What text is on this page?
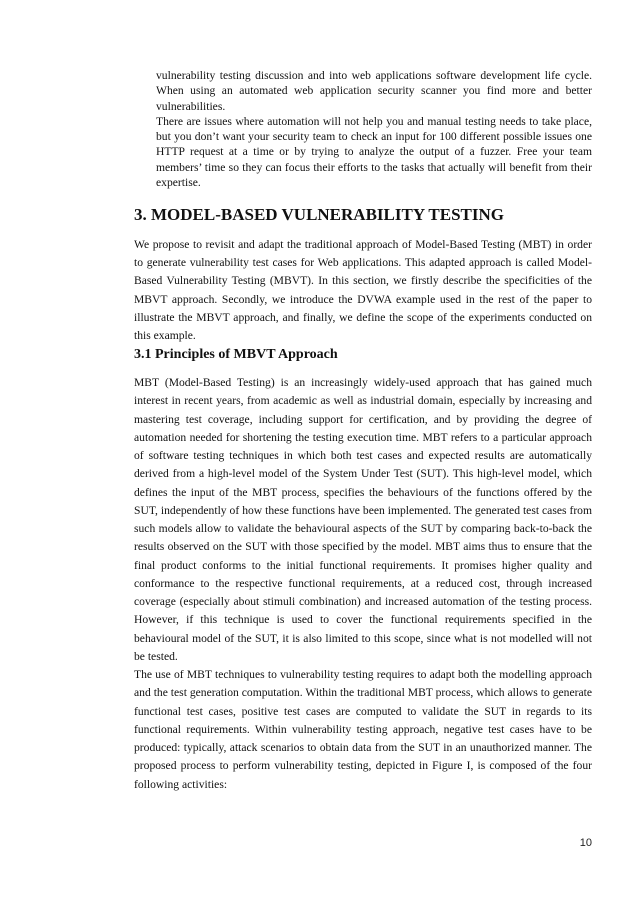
vulnerability testing discussion and into web applications software development life cycle. When using an automated web application security scanner you find more and better vulnerabilities.

There are issues where automation will not help you and manual testing needs to take place, but you don’t want your security team to check an input for 100 different possible issues one HTTP request at a time or by trying to analyze the output of a fuzzer. Free your team members’ time so they can focus their efforts to the tasks that actually will benefit from their expertise.

3. MODEL-BASED VULNERABILITY TESTING

We propose to revisit and adapt the traditional approach of Model-Based Testing (MBT) in order to generate vulnerability test cases for Web applications. This adapted approach is called Model-Based Vulnerability Testing (MBVT). In this section, we firstly describe the specificities of the MBVT approach. Secondly, we introduce the DVWA example used in the rest of the paper to illustrate the MBVT approach, and finally, we define the scope of the experiments conducted on this example.

3.1 Principles of MBVT Approach

MBT (Model-Based Testing) is an increasingly widely-used approach that has gained much interest in recent years, from academic as well as industrial domain, especially by increasing and mastering test coverage, including support for certification, and by providing the degree of automation needed for shortening the testing execution time. MBT refers to a particular approach of software testing techniques in which both test cases and expected results are automatically derived from a high-level model of the System Under Test (SUT). This high-level model, which defines the input of the MBT process, specifies the behaviours of the functions offered by the SUT, independently of how these functions have been implemented. The generated test cases from such models allow to validate the behavioural aspects of the SUT by comparing back-to-back the results observed on the SUT with those specified by the model. MBT aims thus to ensure that the final product conforms to the initial functional requirements. It promises higher quality and conformance to the respective functional requirements, at a reduced cost, through increased coverage (especially about stimuli combination) and increased automation of the testing process. However, if this technique is used to cover the functional requirements specified in the behavioural model of the SUT, it is also limited to this scope, since what is not modelled will not be tested.

The use of MBT techniques to vulnerability testing requires to adapt both the modelling approach and the test generation computation. Within the traditional MBT process, which allows to generate functional test cases, positive test cases are computed to validate the SUT in regards to its functional requirements. Within vulnerability testing approach, negative test cases have to be produced: typically, attack scenarios to obtain data from the SUT in an unauthorized manner. The proposed process to perform vulnerability testing, depicted in Figure I, is composed of the four following activities:

10
